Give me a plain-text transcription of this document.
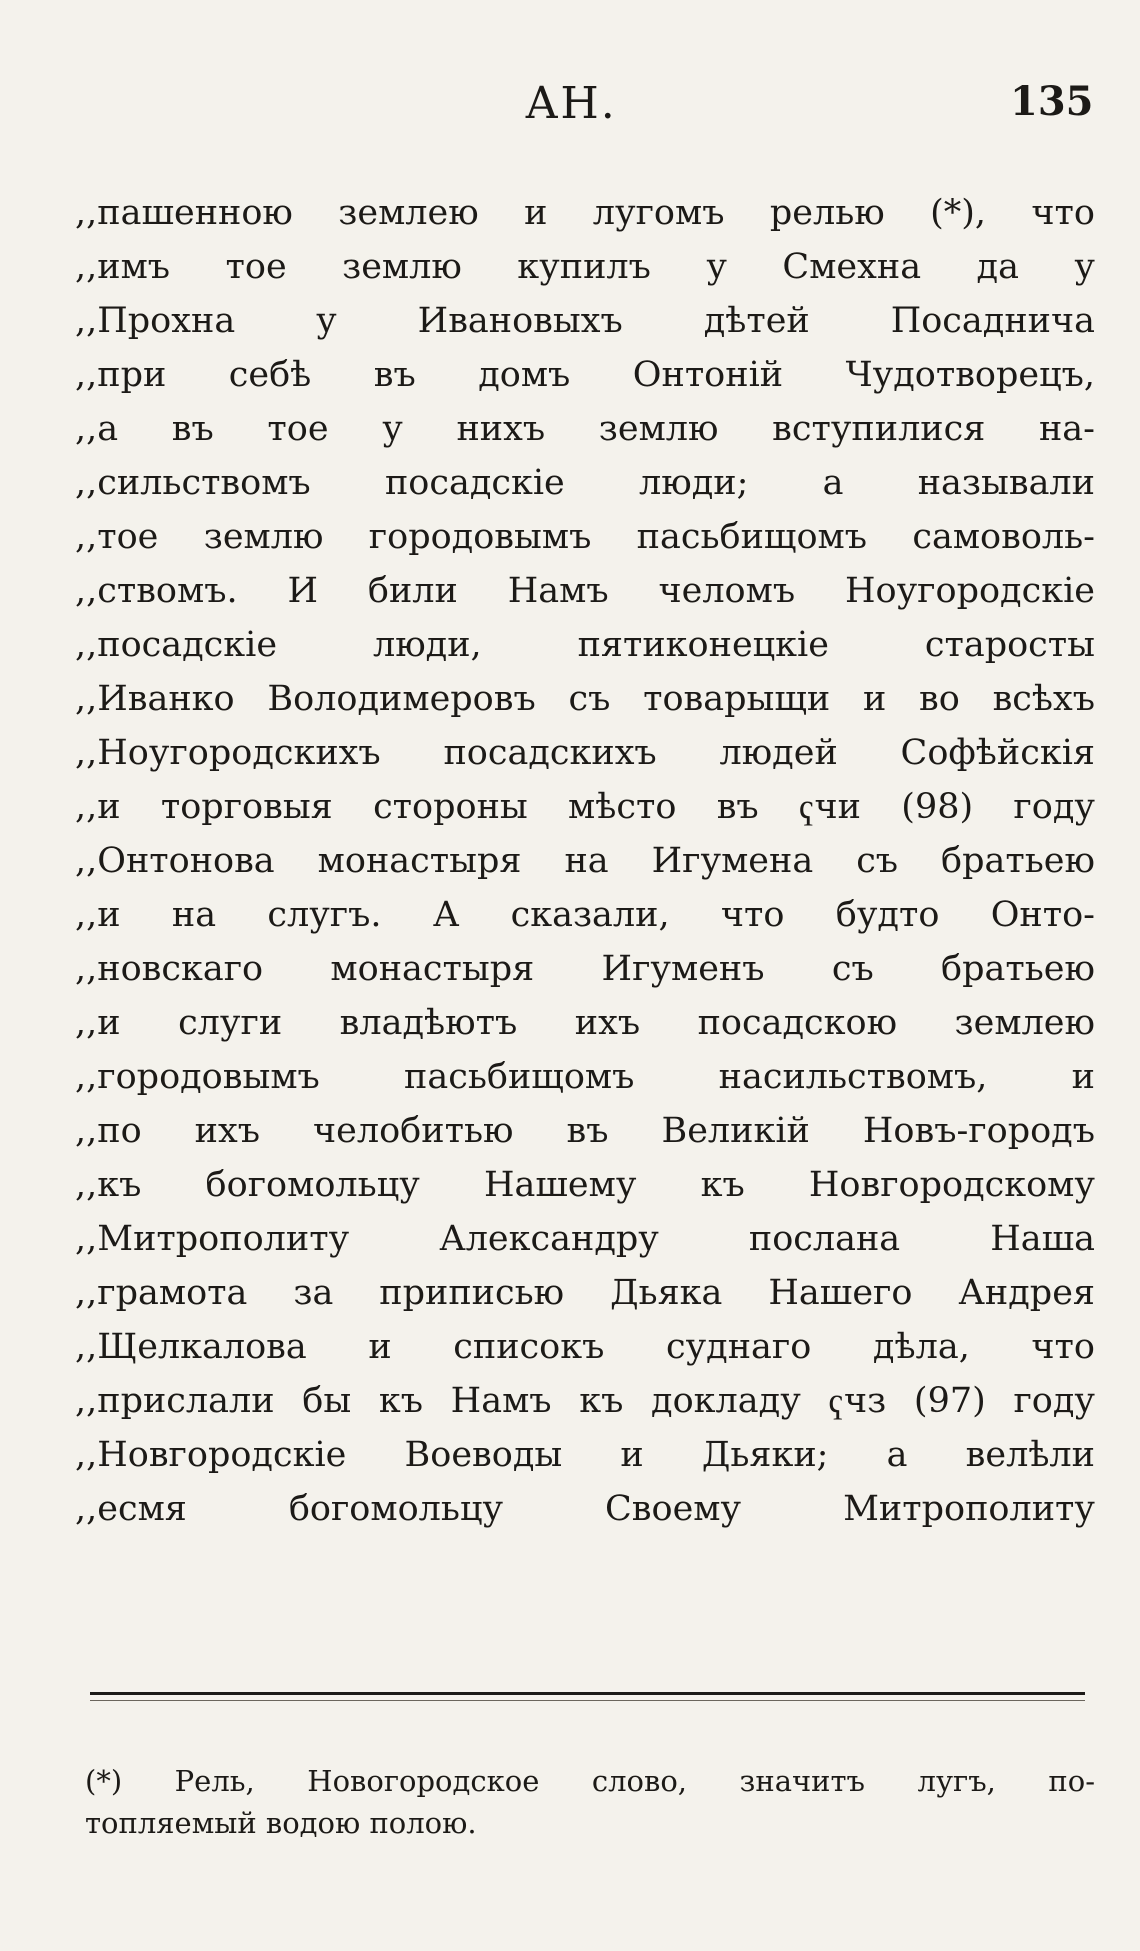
АН.	135
,,пашенною землею и лугомъ релью (*), что
,,имъ тое землю купилъ у Смехна да у
,,Прохна у Ивановыхъ дѣтей Посаднича
,,при себѣ въ домъ Онтоній Чудотворецъ,
,,а въ тое у нихъ землю вступилися на-
,,сильствомъ посадскіе люди; а называли
,,тое землю городовымъ пасьбищомъ самоволь-
,,ствомъ. И били Намъ челомъ Ноугородскіе
,,посадскіе люди, пятиконецкіе старосты
,,Иванко Володимеровъ съ товарыщи и во всѣхъ
,,Ноугородскихъ посадскихъ людей Софѣйскія
,,и торговыя стороны мѣсто въ ҁчи (98) году
,,Онтонова монастыря на Игумена съ братьею
,,и на слугъ. А сказали, что будто Онто-
,,новскаго монастыря Игуменъ съ братьею
,,и слуги владѣютъ ихъ посадскою землею
,,городовымъ пасьбищомъ насильствомъ, и
,,по ихъ челобитью въ Великій Новъ-городъ
,,къ богомольцу Нашему къ Новгородскому
,,Митрополиту Александру послана Наша
,,грамота за приписью Дьяка Нашего Андрея
,,Щелкалова и списокъ суднаго дѣла, что
,,прислали бы къ Намъ къ докладу ҁчз (97) году
,,Новгородскіе Воеводы и Дьяки; а велѣли
,,есмя богомольцу Своему Митрополиту
(*) Рель, Новогородское слово, значитъ лугъ, по-
топляемый водою полою.
